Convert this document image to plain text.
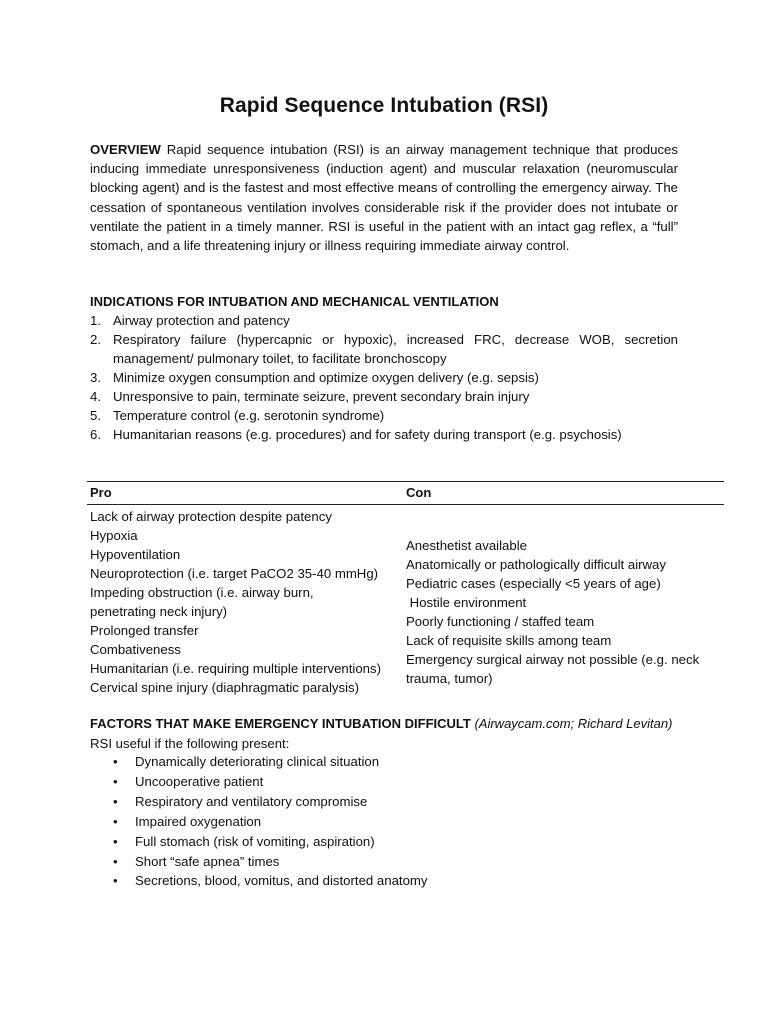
Rapid Sequence Intubation (RSI)

OVERVIEW Rapid sequence intubation (RSI) is an airway management technique that produces inducing immediate unresponsiveness (induction agent) and muscular relaxation (neuromuscular blocking agent) and is the fastest and most effective means of controlling the emergency airway. The cessation of spontaneous ventilation involves considerable risk if the provider does not intubate or ventilate the patient in a timely manner. RSI is useful in the patient with an intact gag reflex, a “full” stomach, and a life threatening injury or illness requiring immediate airway control.

INDICATIONS FOR INTUBATION AND MECHANICAL VENTILATION
1. Airway protection and patency
2. Respiratory failure (hypercapnic or hypoxic), increased FRC, decrease WOB, secretion management/ pulmonary toilet, to facilitate bronchoscopy
3. Minimize oxygen consumption and optimize oxygen delivery (e.g. sepsis)
4. Unresponsive to pain, terminate seizure, prevent secondary brain injury
5. Temperature control (e.g. serotonin syndrome)
6. Humanitarian reasons (e.g. procedures) and for safety during transport (e.g. psychosis)
Pro	Con
Lack of airway protection despite patency
Hypoxia
Hypoventilation
Neuroprotection (i.e. target PaCO2 35-40 mmHg)
Impeding obstruction (i.e. airway burn, penetrating neck injury)
Prolonged transfer
Combativeness
Humanitarian (i.e. requiring multiple interventions)
Cervical spine injury (diaphragmatic paralysis)
Anesthetist available
Anatomically or pathologically difficult airway
Pediatric cases (especially <5 years of age)
Hostile environment
Poorly functioning / staffed team
Lack of requisite skills among team
Emergency surgical airway not possible (e.g. neck trauma, tumor)
FACTORS THAT MAKE EMERGENCY INTUBATION DIFFICULT (Airwaycam.com; Richard Levitan)
RSI useful if the following present:
• Dynamically deteriorating clinical situation
• Uncooperative patient
• Respiratory and ventilatory compromise
• Impaired oxygenation
• Full stomach (risk of vomiting, aspiration)
• Short “safe apnea” times
• Secretions, blood, vomitus, and distorted anatomy
